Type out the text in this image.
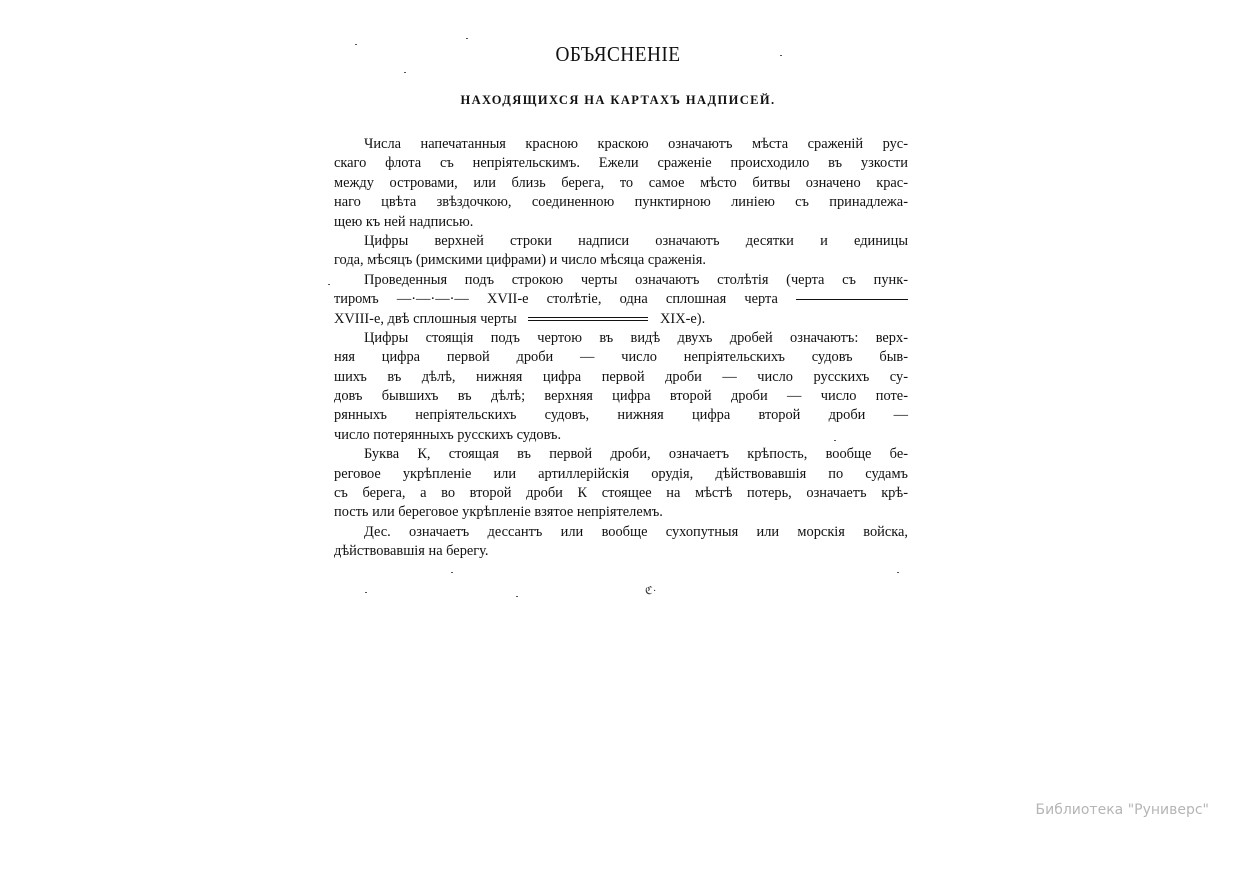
ОБЪЯСНЕНІЕ
НАХОДЯЩИХСЯ НА КАРТАХЪ НАДПИСЕЙ.
Числа напечатанныя красною краскою означаютъ мѣста сраженій рус-
скаго флота съ непріятельскимъ. Ежели сраженіе происходило въ узкости
между островами, или близь берега, то самое мѣсто битвы означено крас-
наго цвѣта звѣздочкою, соединенною пунктирною линіею съ принадлежа-
щею къ ней надписью.
Цифры верхней строки надписи означаютъ десятки и единицы
года, мѣсяцъ (римскими цифрами) и число мѣсяца сраженія.
Проведенныя подъ строкою черты означаютъ столѣтія (черта съ пунк-
тиромъ —·—·—·— XVII-е столѣтіе, одна сплошная черта
XVIII-е, двѣ сплошныя черты	XIX-е).
Цифры стоящія подъ чертою въ видѣ двухъ дробей означаютъ: верх-
няя цифра первой дроби — число непріятельскихъ судовъ быв-
шихъ въ дѣлѣ, нижняя цифра первой дроби — число русскихъ су-
довъ бывшихъ въ дѣлѣ; верхняя цифра второй дроби — число поте-
рянныхъ непріятельскихъ судовъ, нижняя цифра второй дроби —
число потерянныхъ русскихъ судовъ.
Буква К, стоящая въ первой дроби, означаетъ крѣпость, вообще бе-
реговое укрѣпленіе или артиллерійскія орудія, дѣйствовавшія по судамъ
съ берега, а во второй дроби К стоящее на мѣстѣ потерь, означаетъ крѣ-
пость или береговое укрѣпленіе взятое непріятелемъ.
Дес. означаетъ дессантъ или вообще сухопутныя или морскія войска,
дѣйствовавшія на берегу.
ℭ·
Библиотека "Руниверс"
